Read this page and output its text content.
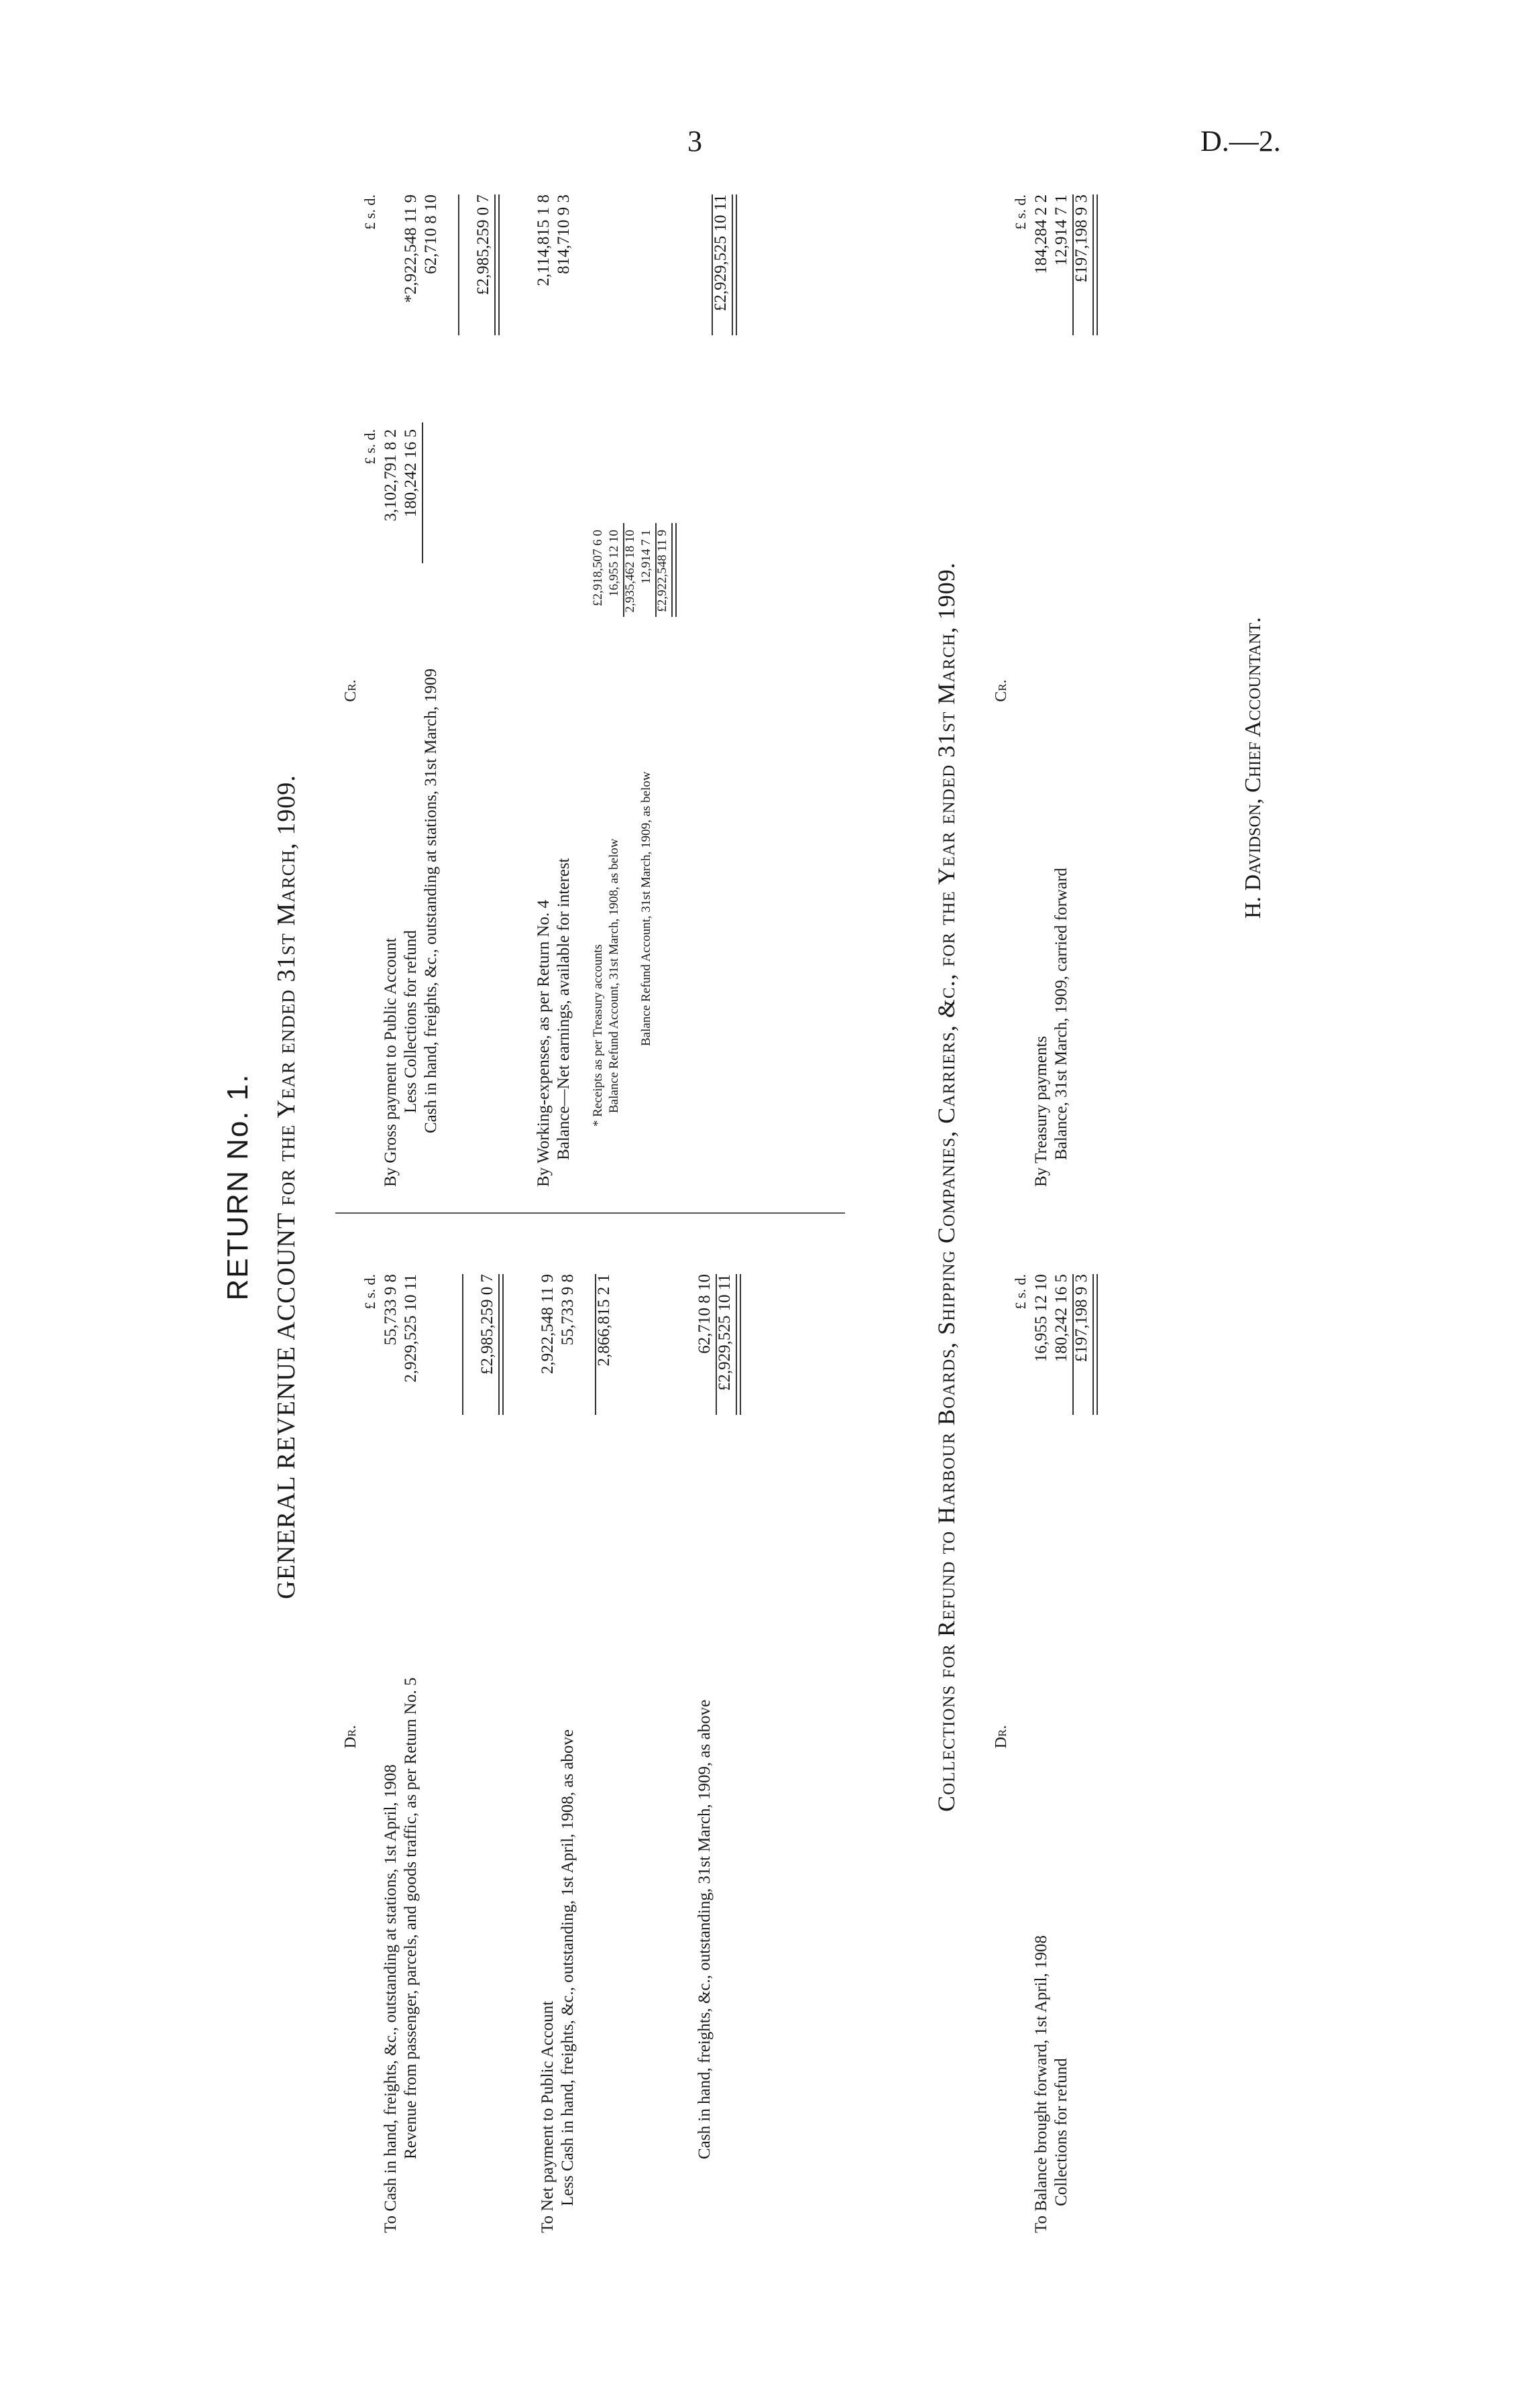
3	D.—2.
RETURN No. 1. GENERAL REVENUE ACCOUNT for the Year ended 31st March, 1909.
Dr.
£ s. d.
To Cash in hand, freights, &c., outstanding at stations, 1st April, 1908
55,733 9 8
Revenue from passenger, parcels, and goods traffic, as per Return No. 5
2,929,525 10 11	£2,985,259 0 7
To Net payment to Public Account
2,922,548 11 9
Less Cash in hand, freights, &c., outstanding, 1st April, 1908, as above
55,733 9 8 2,866,815 2 1
Cash in hand, freights, &c., outstanding, 31st March, 1909, as above
62,710 8 10 £2,929,525 10 11
Cr.
£ s. d.
£ s. d.
By Gross payment to Public Account
3,102,791 8 2
Less Collections for refund
180,242 16 5
*2,922,548 11 9
Cash in hand, freights, &c., outstanding at stations, 31st March, 1909
62,710 8 10 £2,985,259 0 7
By Working-expenses, as per Return No. 4
2,114,815 1 8
Balance—Net earnings, available for interest
814,710 9 3
* Receipts as per Treasury accounts
£2,918,507 6 0
Balance Refund Account, 31st March, 1908, as below
16,955 12 10 2,935,462 18 10
Balance Refund Account, 31st March, 1909, as below
12,914 7 1 £2,922,548 11 9
£2,929,525 10 11
Collections for Refund to Harbour Boards, Shipping Companies, Carriers, &c., for the Year ended 31st March, 1909. Dr.
£ s. d.
To Balance brought forward, 1st April, 1908
16,955 12 10
Collections for refund
180,242 16 5 £197,198 9 3
Cr.
£ s. d.
By Treasury payments
184,284 2 2
Balance, 31st March, 1909, carried forward
12,914 7 1 £197,198 9 3
H. Davidson, Chief Accountant.
